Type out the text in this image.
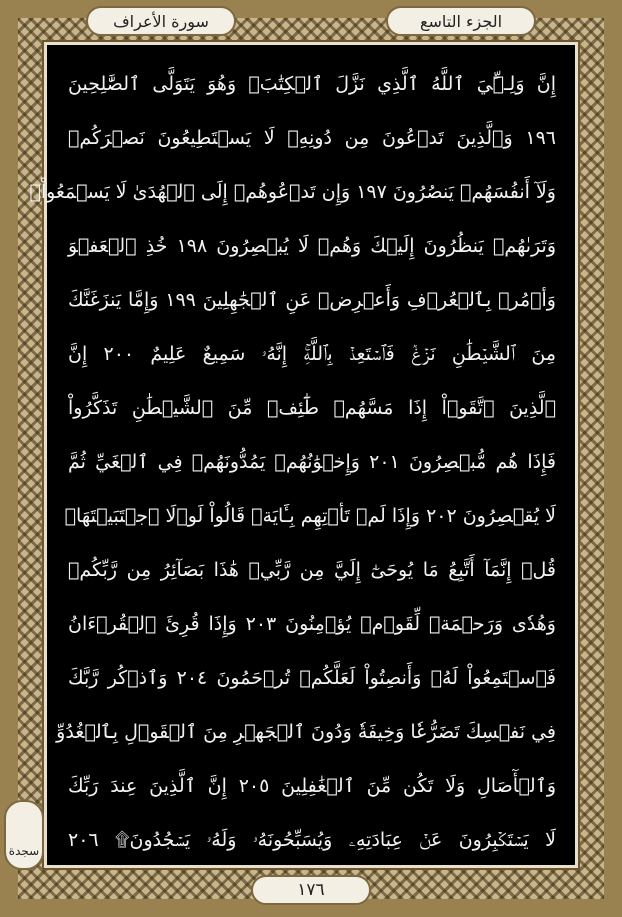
الجزء التاسع
سورة الأعراف
إِنَّ وَلِـِّۧيَ ٱللَّهُ ٱلَّذِي نَزَّلَ ٱلۡكِتَٰبَۖ وَهُوَ يَتَوَلَّى ٱلصَّٰلِحِينَ
١٩٦ وَٱلَّذِينَ تَدۡعُونَ مِن دُونِهِۦ لَا يَسۡتَطِيعُونَ نَصۡرَكُمۡ
وَلَآ أَنفُسَهُمۡ يَنصُرُونَ ١٩٧ وَإِن تَدۡعُوهُمۡ إِلَى ٱلۡهُدَىٰ لَا يَسۡمَعُواْۖ
وَتَرَىٰهُمۡ يَنظُرُونَ إِلَيۡكَ وَهُمۡ لَا يُبۡصِرُونَ ١٩٨ خُذِ ٱلۡعَفۡوَ
وَأۡمُرۡ بِٱلۡعُرۡفِ وَأَعۡرِضۡ عَنِ ٱلۡجَٰهِلِينَ ١٩٩ وَإِمَّا يَنزَغَنَّكَ
مِنَ ٱلشَّيۡطَٰنِ نَزۡغٞ فَٱسۡتَعِذۡ بِٱللَّهِۚ إِنَّهُۥ سَمِيعٌ عَلِيمٌ ٢٠٠ إِنَّ
ٱلَّذِينَ ٱتَّقَوۡاْ إِذَا مَسَّهُمۡ طَٰٓئِفٞ مِّنَ ٱلشَّيۡطَٰنِ تَذَكَّرُواْ
فَإِذَا هُم مُّبۡصِرُونَ ٢٠١ وَإِخۡوَٰنُهُمۡ يَمُدُّونَهُمۡ فِي ٱلۡغَيِّ ثُمَّ
لَا يُقۡصِرُونَ ٢٠٢ وَإِذَا لَمۡ تَأۡتِهِم بِـَٔايَةٖ قَالُواْ لَوۡلَا ٱجۡتَبَيۡتَهَاۚ
قُلۡ إِنَّمَآ أَتَّبِعُ مَا يُوحَىٰٓ إِلَيَّ مِن رَّبِّيۚ هَٰذَا بَصَآئِرُ مِن رَّبِّكُمۡ
وَهُدٗى وَرَحۡمَةٞ لِّقَوۡمٖ يُؤۡمِنُونَ ٢٠٣ وَإِذَا قُرِئَ ٱلۡقُرۡءَانُ
فَٱسۡتَمِعُواْ لَهُۥ وَأَنصِتُواْ لَعَلَّكُمۡ تُرۡحَمُونَ ٢٠٤ وَٱذۡكُر رَّبَّكَ
فِي نَفۡسِكَ تَضَرُّعٗا وَخِيفَةٗ وَدُونَ ٱلۡجَهۡرِ مِنَ ٱلۡقَوۡلِ بِٱلۡغُدُوِّ
وَٱلۡأٓصَالِ وَلَا تَكُن مِّنَ ٱلۡغَٰفِلِينَ ٢٠٥ إِنَّ ٱلَّذِينَ عِندَ رَبِّكَ
لَا يَسۡتَكۡبِرُونَ عَنۡ عِبَادَتِهِۦ وَيُسَبِّحُونَهُۥ وَلَهُۥ يَسۡجُدُونَ۩ ٢٠٦
سجدة
١٧٦
